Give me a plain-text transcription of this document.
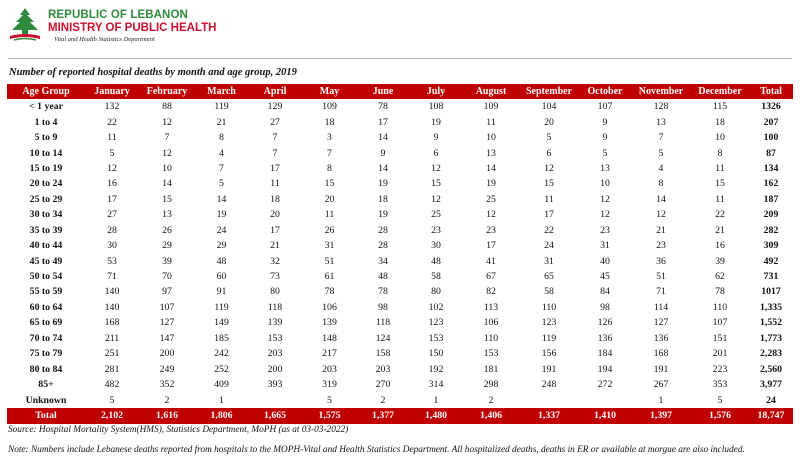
REPUBLIC OF LEBANON
MINISTRY OF PUBLIC HEALTH
Vital and Health Statistics Department
Number of reported hospital deaths by month and age group, 2019
Age Group	January	February	March	April	May	June	July	August	September	October	November	December	Total
< 1 year	132	88	119	129	109	78	108	109	104	107	128	115	1326
1 to 4	22	12	21	27	18	17	19	11	20	9	13	18	207
5 to 9	11	7	8	7	3	14	9	10	5	9	7	10	100
10 to 14	5	12	4	7	7	9	6	13	6	5	5	8	87
15 to 19	12	10	7	17	8	14	12	14	12	13	4	11	134
20 to 24	16	14	5	11	15	19	15	19	15	10	8	15	162
25 to 29	17	15	14	18	20	18	12	25	11	12	14	11	187
30 to 34	27	13	19	20	11	19	25	12	17	12	12	22	209
35 to 39	28	26	24	17	26	28	23	23	22	23	21	21	282
40 to 44	30	29	29	21	31	28	30	17	24	31	23	16	309
45 to 49	53	39	48	32	51	34	48	41	31	40	36	39	492
50 to 54	71	70	60	73	61	48	58	67	65	45	51	62	731
55 to 59	140	97	91	80	78	78	80	82	58	84	71	78	1017
60 to 64	140	107	119	118	106	98	102	113	110	98	114	110	1,335
65 to 69	168	127	149	139	139	118	123	106	123	126	127	107	1,552
70 to 74	211	147	185	153	148	124	153	110	119	136	136	151	1,773
75 to 79	251	200	242	203	217	158	150	153	156	184	168	201	2,283
80 to 84	281	249	252	200	203	203	192	181	191	194	191	223	2,560
85+	482	352	409	393	319	270	314	298	248	272	267	353	3,977
Unknown	5	2	1		5	2	1	2			1	5	24
Total	2,102	1,616	1,806	1,665	1,575	1,377	1,480	1,406	1,337	1,410	1,397	1,576	18,747
Source: Hospital Mortality System(HMS), Statistics Department, MoPH (as at 03-03-2022)
Note: Numbers include Lebanese deaths reported from hospitals to the MOPH-Vital and Health Statistics Department. All hospitalized deaths, deaths in ER or available at morgue are also included.
